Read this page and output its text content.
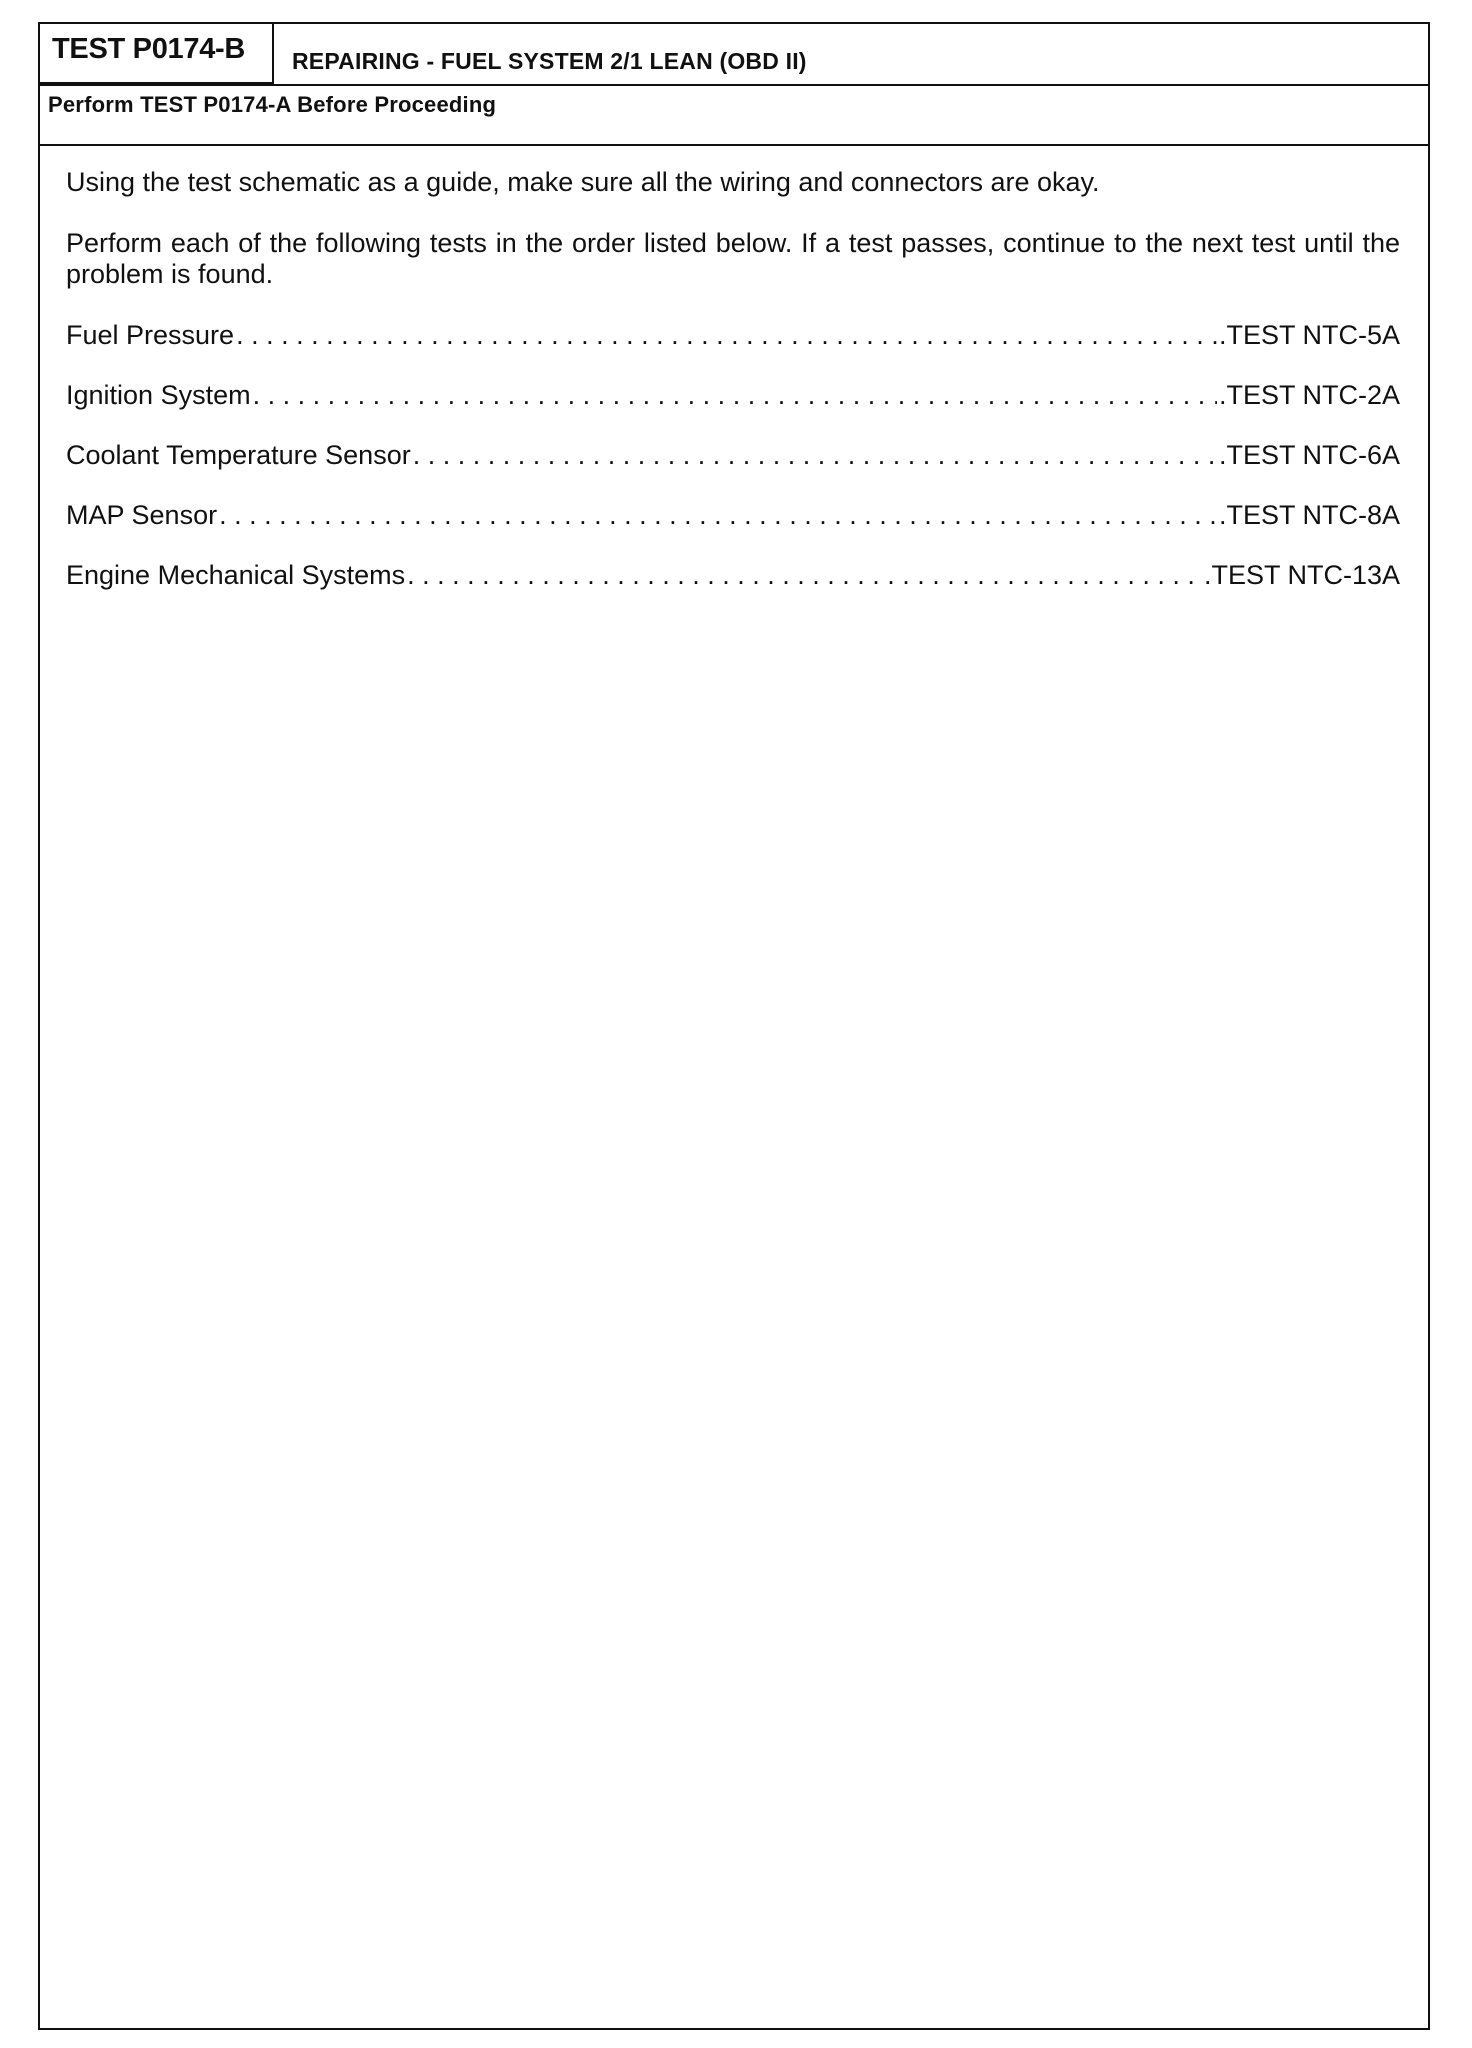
TEST P0174-B	REPAIRING - FUEL SYSTEM 2/1 LEAN (OBD II)
Perform TEST P0174-A Before Proceeding

Using the test schematic as a guide, make sure all the wiring and connectors are okay.

Perform each of the following tests in the order listed below. If a test passes, continue to the next test until the problem is found.

Fuel Pressure . . .	.TEST NTC-5A
Ignition System . . .	.TEST NTC-2A
Coolant Temperature Sensor . . .	.TEST NTC-6A
MAP Sensor . . .	.TEST NTC-8A
Engine Mechanical Systems . . .	.TEST NTC-13A
